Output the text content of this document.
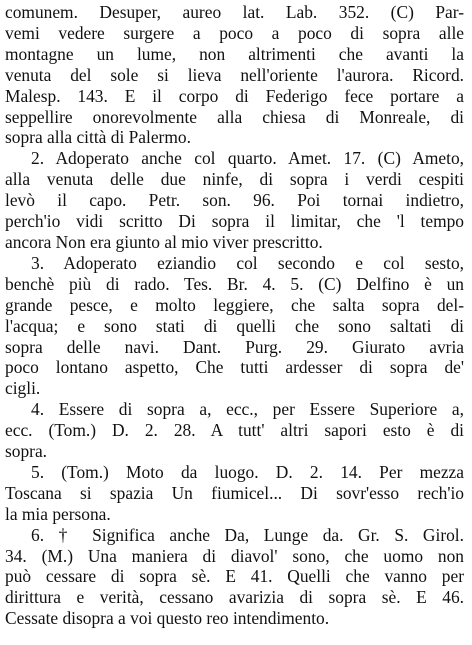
comunem. Desuper, aureo lat. Lab. 352. (C) Par-
vemi vedere surgere a poco a poco di sopra alle
montagne un lume, non altrimenti che avanti la
venuta del sole si lieva nell'oriente l'aurora. Ricord.
Malesp. 143. E il corpo di Federigo fece portare a
seppellire onorevolmente alla chiesa di Monreale, di
sopra alla città di Palermo.
2. Adoperato anche col quarto. Amet. 17. (C) Ameto,
alla venuta delle due ninfe, di sopra i verdi cespiti
levò il capo. Petr. son. 96. Poi tornai indietro,
perch'io vidi scritto Di sopra il limitar, che 'l tempo
ancora Non era giunto al mio viver prescritto.
3. Adoperato eziandio col secondo e col sesto,
benchè più di rado. Tes. Br. 4. 5. (C) Delfino è un
grande pesce, e molto leggiere, che salta sopra del-
l'acqua; e sono stati di quelli che sono saltati di
sopra delle navi. Dant. Purg. 29. Giurato avria
poco lontano aspetto, Che tutti ardesser di sopra de'
cigli.
4. Essere di sopra a, ecc., per Essere Superiore a,
ecc. (Tom.) D. 2. 28. A tutt' altri sapori esto è di
sopra.
5. (Tom.) Moto da luogo. D. 2. 14. Per mezza
Toscana si spazia Un fiumicel... Di sovr'esso rech'io
la mia persona.
6. † Significa anche Da, Lunge da. Gr. S. Girol.
34. (M.) Una maniera di diavol' sono, che uomo non
può cessare di sopra sè. E 41. Quelli che vanno per
dirittura e verità, cessano avarizia di sopra sè. E 46.
Cessate disopra a voi questo reo intendimento.
